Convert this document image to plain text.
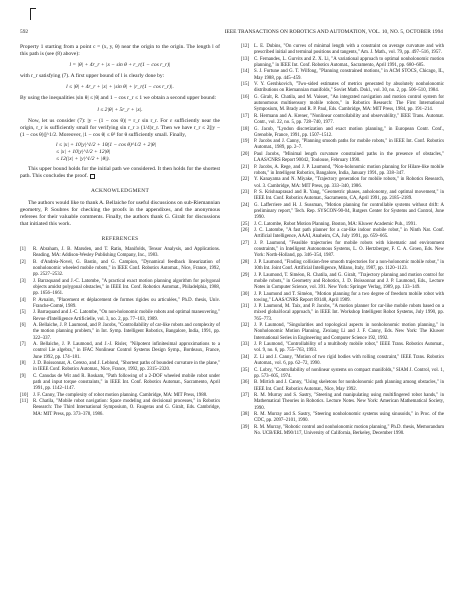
592	IEEE TRANSACTIONS ON ROBOTICS AND AUTOMATION, VOL. 10, NO. 5, OCTOBER 1994

Property 1 starting from a point c = (x, y, θ) near the origin to the origin. The length l of this path is (see (8) above):

l = |θ| + 4r_r + |x − sin θ + r_r(1 − cos r_r)|

with r_r satisfying (7). A first upper bound of l is clearly done by:

l ≤ |θ| + 4r_r + |x| + |sin θ| + |r_r(1 − cos r_r)|.

By using the inequalities |sin θ| ≤ |θ| and 1 − cos r_r ≤ 1 we obtain a second upper bound:

l ≤ 2|θ| + 5r_r + |x|.

Now, let us consider (7): |y − (1 − cos θ)| = r_r sin r_r. For ε sufficiently near the origin, r_r is sufficiently small for verifying sin r_r ≥ (1/4)r_r. Then we have r_r ≤ 2[|y − (1 − cos θ)|]^1/2. Moreover, |1 − cos θ| ≤ θ² for θ sufficiently small. Finally,

l ≤ |x| + 10|y|^1/2 + 10(1 − cos θ)^1/2 + 2|θ|
≤ |x| + 10|y|^1/2 + 12|θ|
≤ 12(|x| + |y|^1/2 + |θ|).

This upper bound holds for the initial path we considered. It then holds for the shortest path. This concludes the proof.

ACKNOWLEDGMENT

The authors would like to thank A. Bellaiche for useful discussions on sub-Riemannian geometry, P. Soubres for checking the proofs in the appendixes, and the anonymous referees for their valuable comments. Finally, the authors thank G. Giralt for discussions that initiated this work.

REFERENCES
[1] R. Abraham, J. B. Marsden, and T. Ratiu, Manifolds, Tensor Analysis, and Applications. Reading, MA: Addison-Wesley Publishing Company, Inc., 1983.
[2] B. d'Andréa-Novel, G. Bastin, and G. Campion, "Dynamical feedback linearization of nonholonomic wheeled mobile robots," in IEEE Conf. Robotics Automat., Nice, France, 1992, pp. 2527–2532.
[3] J. Barraquand and J.-C. Latombe, "A practical exact motion planning algorithm for polygonal objects amidst polygonal obstacles," in IEEE Int. Conf. Robotics Automat., Philadelphia, 1988, pp. 1656–1661.
[4] P. Avnaim, "Placement et déplacement de formes rigides ou articulées," Ph.D. thesis, Univ. Franche-Comté, 1989.
[5] J. Barraquand and J.-C. Latombe, "On non-holonomic mobile robots and optimal maneuvering," Revue d'Intelligence Artificielle, vol. 3, no. 2, pp. 77–103, 1989.
[6] A. Bellaiche, J. P. Laumond, and P. Jacobs, "Controllability of car-like robots and complexity of the motion planning problem," in Int. Symp. Intelligent Robotics, Bangalore, India, 1991, pp. 322–337.
[7] A. Bellaiche, J. P. Laumond, and J.-J. Risler, "Nilpotent infinitesimal approximations to a control Lie algebra," in IFAC Nonlinear Control Systems Design Symp., Bordeaux, France, June 1992, pp. 174–181.
[8] J. D. Boissonnat, A. Cerezo, and J. Leblond, "Shortest paths of bounded curvature in the plane," in IEEE Conf. Robotics Automat., Nice, France, 1992, pp. 2315–2320.
[9] C. Canudas de Wit and R. Roskam, "Path following of a 2-DOF wheeled mobile robot under path and input torque constraints," in IEEE Int. Conf. Robotics Automat., Sacramento, April 1991, pp. 1142–1147.
[10] J. F. Canny, The complexity of robot motion planning. Cambridge, MA: MIT Press, 1988.
[11] R. Chatila, "Mobile robot navigation: Space modeling and decisional processes," in Robotics Research: The Third International Symposium, O. Faugeras and G. Giralt, Eds. Cambridge, MA: MIT Press, pp. 373–378, 1986.
[12] L. E. Dubins, "On curves of minimal length with a constraint on average curvature and with prescribed initial and terminal positions and tangents," Am. J. Math., vol. 79, pp. 497–516, 1957.
[13] C. Fernandes, L. Gurvits and Z. X. Li, "A variational approach to optimal nonholonomic motion planning," in IEEE Int. Conf. Robotics Automat., Sacramento, April 1991, pp. 680–685.
[14] S. J. Fortune and G. T. Wilfong, "Planning constrained motions," in ACM STOCS, Chicago, IL, May 1988, pp. 445–459.
[15] V. Y. Gershkovich, "Two-sided estimates of metrics generated by absolutely nonholonomic distributions on Riemannian manifolds," Soviet Math. Dokl., vol. 30, no. 2, pp. 506–510, 1984.
[16] G. Giralt, R. Chatila, and M. Vaisset, "An integrated navigation and motion control system for autonomous multisensory mobile robots," in Robotics Research: The First International Symposium, M. Brady and R. P. Paul, Eds. Cambridge, MA: MIT Press, 1984, pp. 191–214.
[17] R. Hermann and A. Krener, "Nonlinear controllability and observability," IEEE Trans. Automat. Contr., vol. 22, no. 5, pp. 728–740, 1977.
[18] G. Jacob, "Lyndon discretization and exact motion planning," in European Contr. Conf., Grenoble, France, 1991, pp. 1507–1512.
[19] P. Jacobs and J. Canny, "Planning smooth paths for mobile robots," in IEEE Int. Conf. Robotics Automat., 1989, pp. 2–7.
[20] Paul Jacobs, "Minimal length curvature constrained paths in the presence of obstacles," LAAS/CNRS Report 90042, Toulouse, February 1990.
[21] P. Jacobs, A. Rege, and J. P. Laumond, "Non-holonomic motion planning for Hilare-like mobile robots," in Intelligent Robotics, Bangalore, India, January 1991, pp. 338–347.
[22] Y. Kanayama and N. Miyake, "Trajectory generation for mobile robots," in Robotics Research, vol. 3. Cambridge, MA: MIT Press, pp. 333–340, 1986.
[23] P. S. Krishnaprasad and R. Yang, "Geometric phases, anholonomy, and optimal movement," in IEEE Int. Conf. Robotics Automat., Sacramento, CA, April 1991, pp. 2185–2189.
[24] G. Lafferriere and H. J. Sussman, "Motion planning for controllable systems without drift: A preliminary report," Tech. Rep. SYSCON-90-04, Rutgers Center for Systems and Control, June 1990.
[25] J. C. Latombe, Robot Motion Planning. Boston, MA: Kluwer Academic Pub., 1991.
[26] J. C. Latombe, "A fast path planner for a car-like indoor mobile robot," in Ninth Nat. Conf. Artificial Intelligence, AAAI, Anaheim, CA, July 1991, pp. 659–665.
[27] J. P. Laumond, "Feasible trajectories for mobile robots with kinematic and environment constraints," in Intelligent Autonomous Systems, L. O. Hertzberger, F. C. A. Groen, Eds. New York: North-Holland, pp. 346–354, 1987.
[28] J. P. Laumond, "Finding collision-free smooth trajectories for a non-holonomic mobile robot," in 10th Int. Joint Conf. Artificial Intelligence, Milano, Italy, 1987, pp. 1120–1123.
[29] J. P. Laumond, T. Siméon, R. Chatila, and G. Giralt, "Trajectory planning and motion control for mobile robots," in Geometry and Robotics, J. D. Boissonnat and J. P. Laumond, Eds., Lecture Notes in Computer Science, vol. 391. New York: Springer Verlag, 1989, pp. 133–149.
[30] J. P. Laumond and T. Siméon, "Motion planning for a two degree of freedom mobile robot with towing," LAAS/CNRS Report 89148, April 1989.
[31] J. P. Laumond, M. Taix, and P. Jacobs, "A motion planner for car-like mobile robots based on a mixed global/local approach," in IEEE Int. Workshop Intelligent Robot Systems, July 1990, pp. 765–773.
[32] J. P. Laumond, "Singularities and topological aspects in nonholonomic motion planning," in Nonholonomic Motion Planning, Zexiang Li and J. F. Canny, Eds. New York: The Kluwer International Series in Engineering and Computer Science 192, 1992.
[33] J. P. Laumond, "Controllability of a multibody mobile robot," IEEE Trans. Robotics Automat., vol. 9, no. 6, pp. 755–763, 1993.
[34] Z. Li and J. Canny, "Motion of two rigid bodies with rolling constraint," IEEE Trans. Robotics Automat., vol. 6, pp. 62–72, 1990.
[35] C. Lobry, "Controllability of nonlinear systems on compact manifolds," SIAM J. Control, vol. 1, pp. 573–605, 1974.
[36] B. Mirtich and J. Canny, "Using skeletons for nonholonomic path planning among obstacles," in IEEE Int. Conf. Robotics Automat., Nice, May 1992.
[37] R. M. Murray and S. Sastry, "Steering and manipulating using multifingered robot hands," in Mathematical Theories in Robotics. Lecture Notes. New York: American Mathematical Society, 1990.
[38] R. M. Murray and S. Sastry, "Steering nonholonomic systems using sinusoids," in Proc. of the CDC, pp. 2097–2101, 1990.
[39] R. M. Murray, "Robotic control and nonholonomic motion planning," Ph.D. thesis, Memorandum No. UCB/ERL M90/117, University of California, Berkeley, December 1990.
